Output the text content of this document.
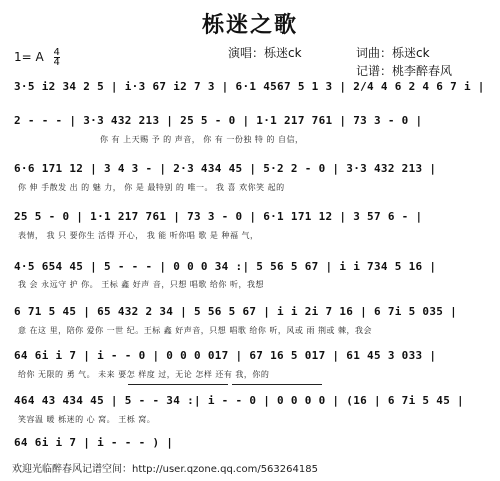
栎迷之歌
1= A $\frac{4}{4}$	演唱：栎迷ck	词曲：栎迷ck
记谱：桃李醉春风
3·5 i2 34 2 5 | i·3 67 i2 7 3 | 6·1 4567 5 1 3 | 2/4 4 6 2 4 6 7 i |
2 - - - | 3·3 432 213 | 25 5 - 0 | 1·1 217 761 | 73 3 - 0 |
你 有 上天赐 予 的 声音， 你 有 一份独 特 的 自信，
6·6 171 12 | 3 4 3 - | 2·3 434 45 | 5·2 2 - 0 | 3·3 432 213 |
你 伸 手散发 出 的 魅 力， 你 是 最特别 的 唯一。 我 喜 欢你笑 起的
25 5 - 0 | 1·1 217 761 | 73 3 - 0 | 6·1 171 12 | 3 57 6 - |
表情， 我 只 要你生 活得 开心， 我 能 听你唱 歌 是 种福 气，
4·5 654 45 | 5 - - - | 0 0 0 34 :| 5 56 5 67 | i i 734 5 16 |
我 会 永远守 护 你。 王标 鑫 好声 音，只想 唱歌 给你 听，我想
6 71 5 45 | 65 432 2 34 | 5 56 5 67 | i i 2i 7 16 | 6 7i 5 035 |
意 在这 里，陪你 爱你 一世 纪。王标 鑫 好声音，只想 唱歌 给你 听，风或 雨 荆或 棘，我会
64 6i i 7 | i - - 0 | 0 0 0 017 | 67 16 5 017 | 61 45 3 033 |
给你 无限的 勇 气。 未来 要怎 样度 过，无论 怎样 还有 我，你的
464 43 434 45 | 5 - - 34 :| i - - 0 | 0 0 0 0 | (16 | 6 7i 5 45 |
笑容温 暖 栎迷的 心 窝。 王栎 窝。
64 6i i 7 | i - - - ) |
欢迎光临醉春风记谱空间：http://user.qzone.qq.com/563264185
